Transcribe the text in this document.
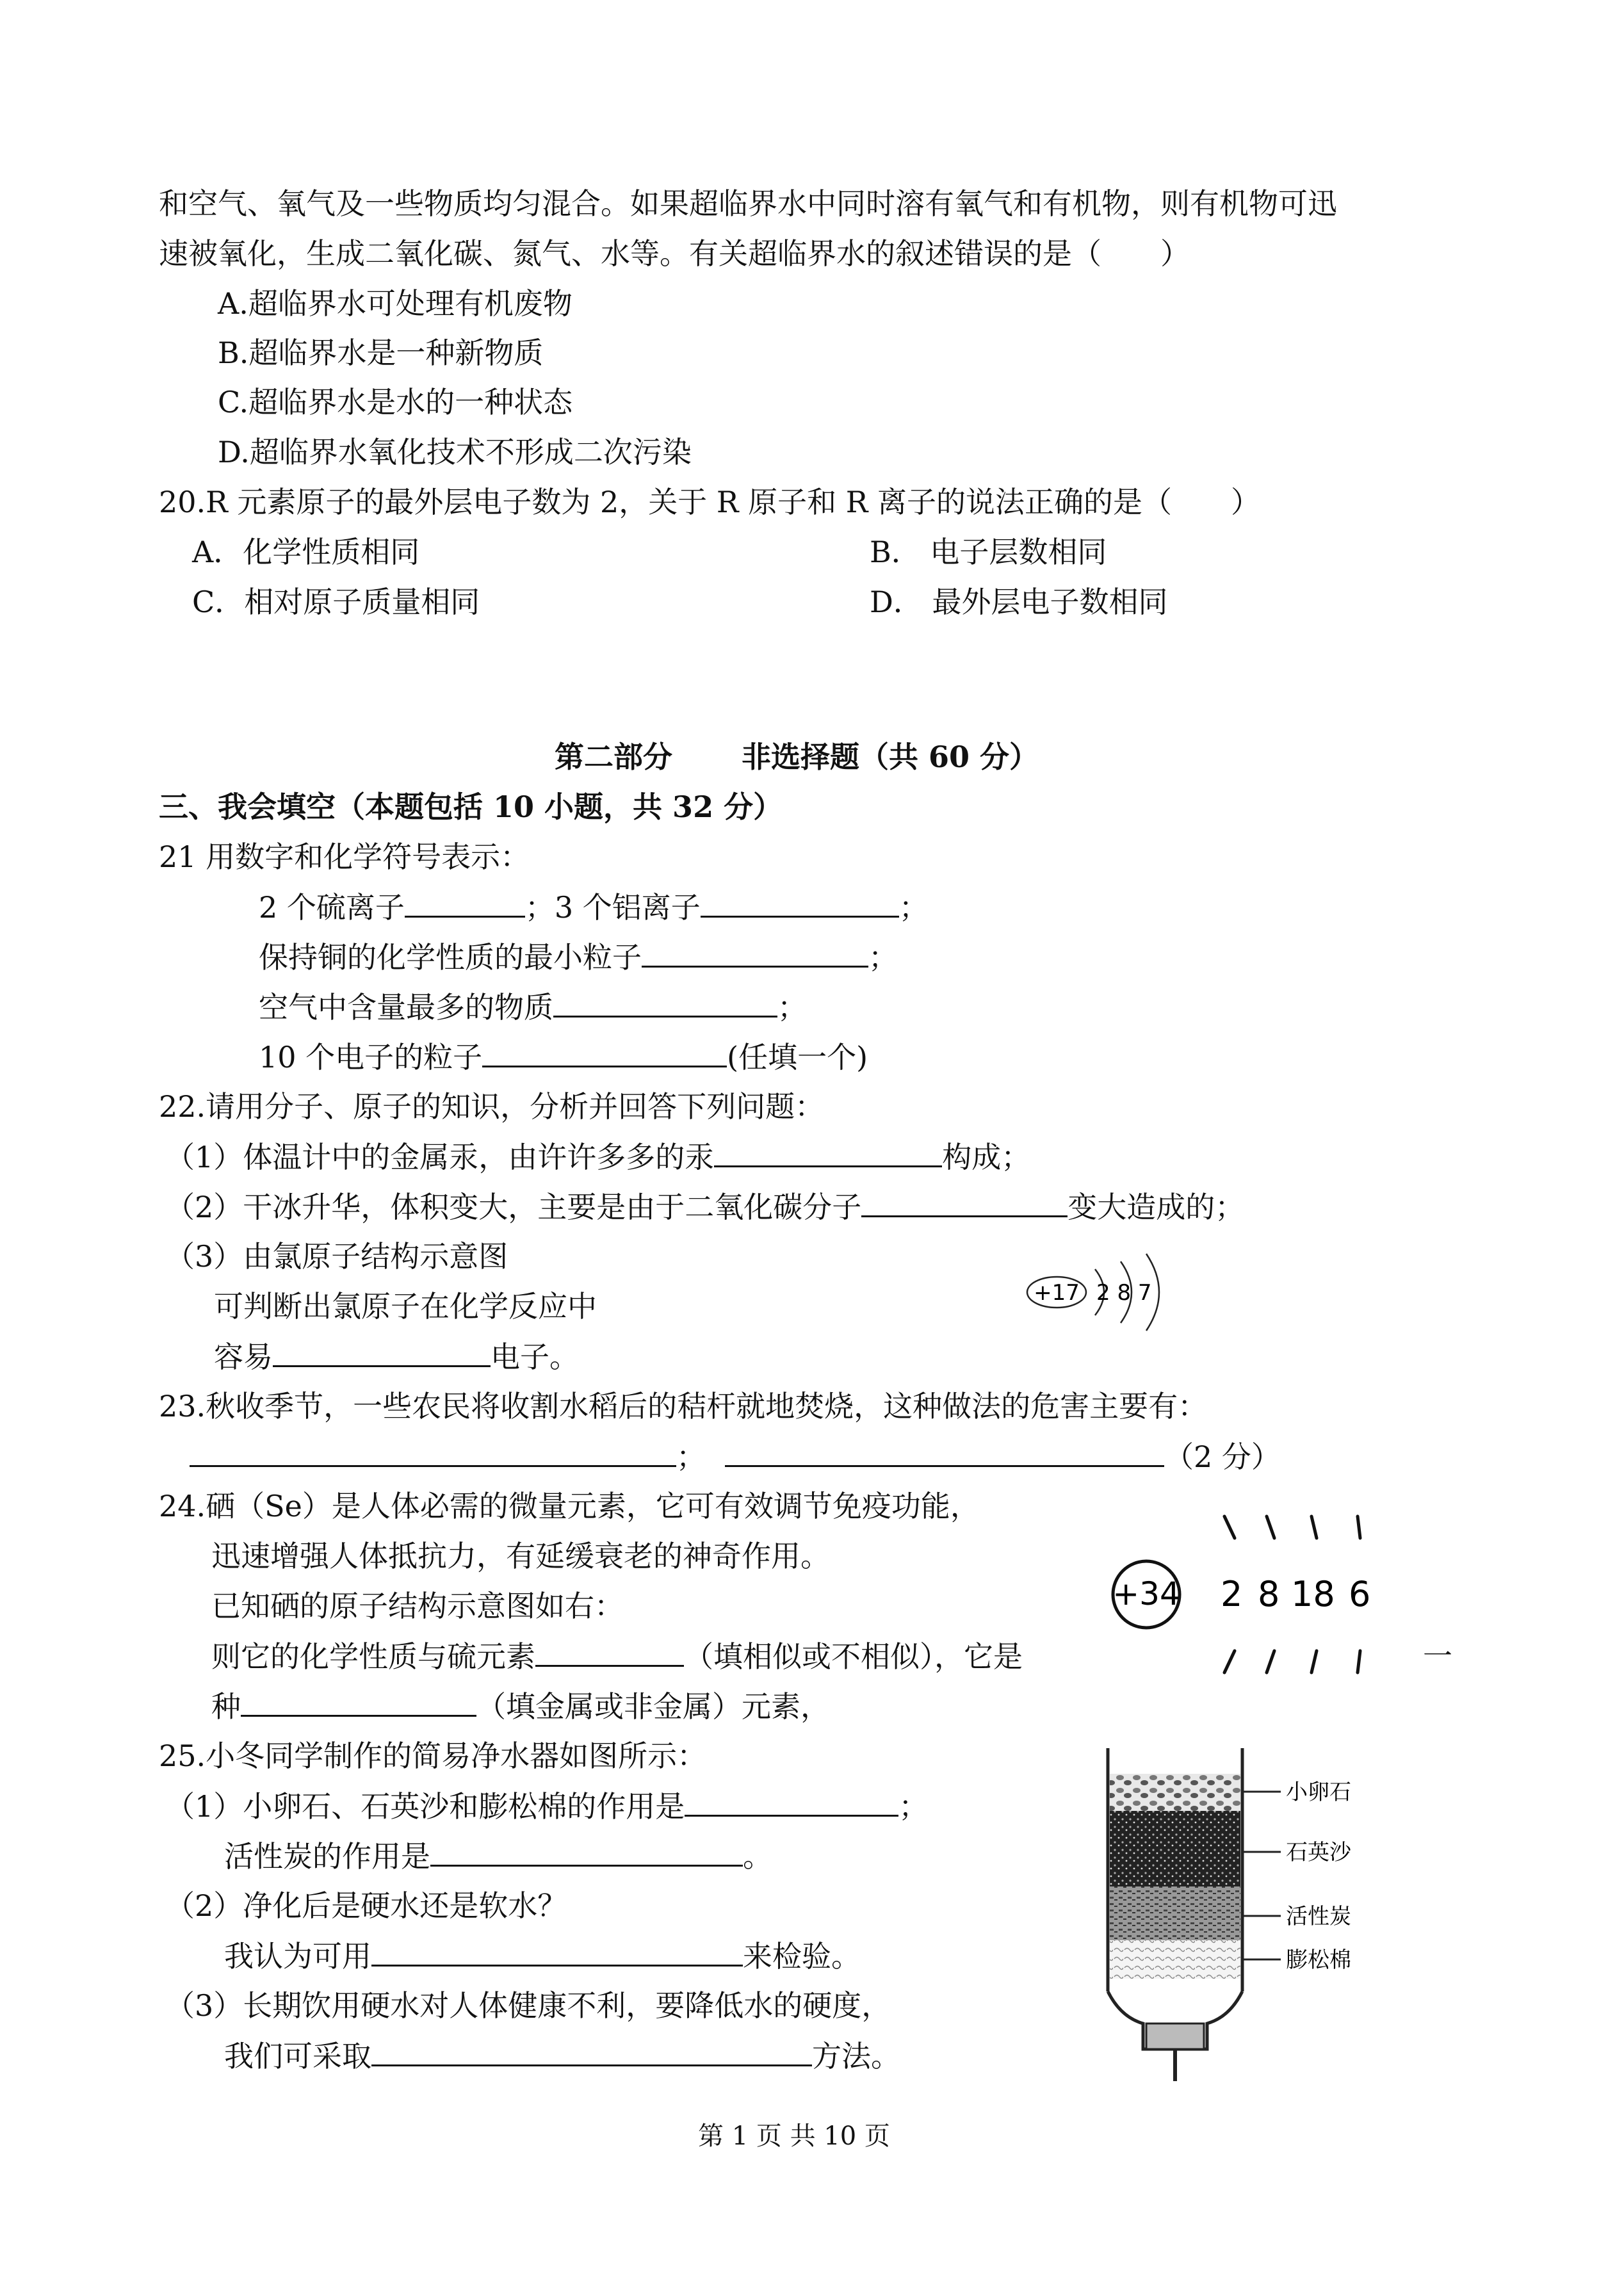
和空气、氧气及一些物质均匀混合。如果超临界水中同时溶有氧气和有机物，则有机物可迅
速被氧化，生成二氧化碳、氮气、水等。有关超临界水的叙述错误的是（　　）
A.超临界水可处理有机废物
B.超临界水是一种新物质
C.超临界水是水的一种状态
D.超临界水氧化技术不形成二次污染
20.R 元素原子的最外层电子数为 2，关于 R 原子和 R 离子的说法正确的是（　　）
A．化学性质相同	B． 电子层数相同
C．相对原子质量相同	D． 最外层电子数相同
第二部分　　 非选择题（共 60 分）
三、我会填空（本题包括 10 小题，共 32 分）
21 用数字和化学符号表示：
2 个硫离子	；3 个铝离子	；
保持铜的化学性质的最小粒子	；
空气中含量最多的物质	；
10 个电子的粒子	(任填一个)
22.请用分子、原子的知识，分析并回答下列问题：
（1）体温计中的金属汞，由许许多多的汞	构成；
（2）干冰升华，体积变大，主要是由于二氧化碳分子	变大造成的；
（3）由氯原子结构示意图
可判断出氯原子在化学反应中
容易	电子。
+17 2 8 7
23.秋收季节，一些农民将收割水稻后的秸杆就地焚烧，这种做法的危害主要有：
；	（2 分）
24.硒（Se）是人体必需的微量元素，它可有效调节免疫功能，
迅速增强人体抵抗力，有延缓衰老的神奇作用。
已知硒的原子结构示意图如右：
则它的化学性质与硫元素	（填相似或不相似），它是	一
种	（填金属或非金属）元素，
+34 2 8 18 6
25.小冬同学制作的简易净水器如图所示：
（1）小卵石、石英沙和膨松棉的作用是	；
活性炭的作用是	。
（2）净化后是硬水还是软水？
我认为可用	来检验。
（3）长期饮用硬水对人体健康不利，要降低水的硬度，
我们可采取	方法。
小卵石
石英沙
活性炭
膨松棉
第 1 页 共 10 页
